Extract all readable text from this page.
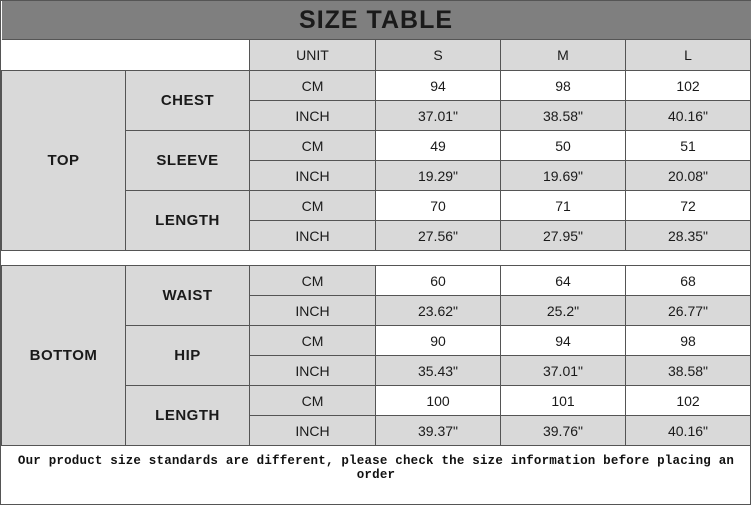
SIZE TABLE					
		UNIT	S	M	L
TOP	CHEST	CM	94	98	102
		INCH	37.01"	38.58"	40.16"
	SLEEVE	CM	49	50	51
		INCH	19.29"	19.69"	20.08"
	LENGTH	CM	70	71	72
		INCH	27.56"	27.95"	28.35"
BOTTOM	WAIST	CM	60	64	68
		INCH	23.62"	25.2"	26.77"
	HIP	CM	90	94	98
		INCH	35.43"	37.01"	38.58"
	LENGTH	CM	100	101	102
		INCH	39.37"	39.76"	40.16"
Our product size standards are different, please check the size information before placing an order					
